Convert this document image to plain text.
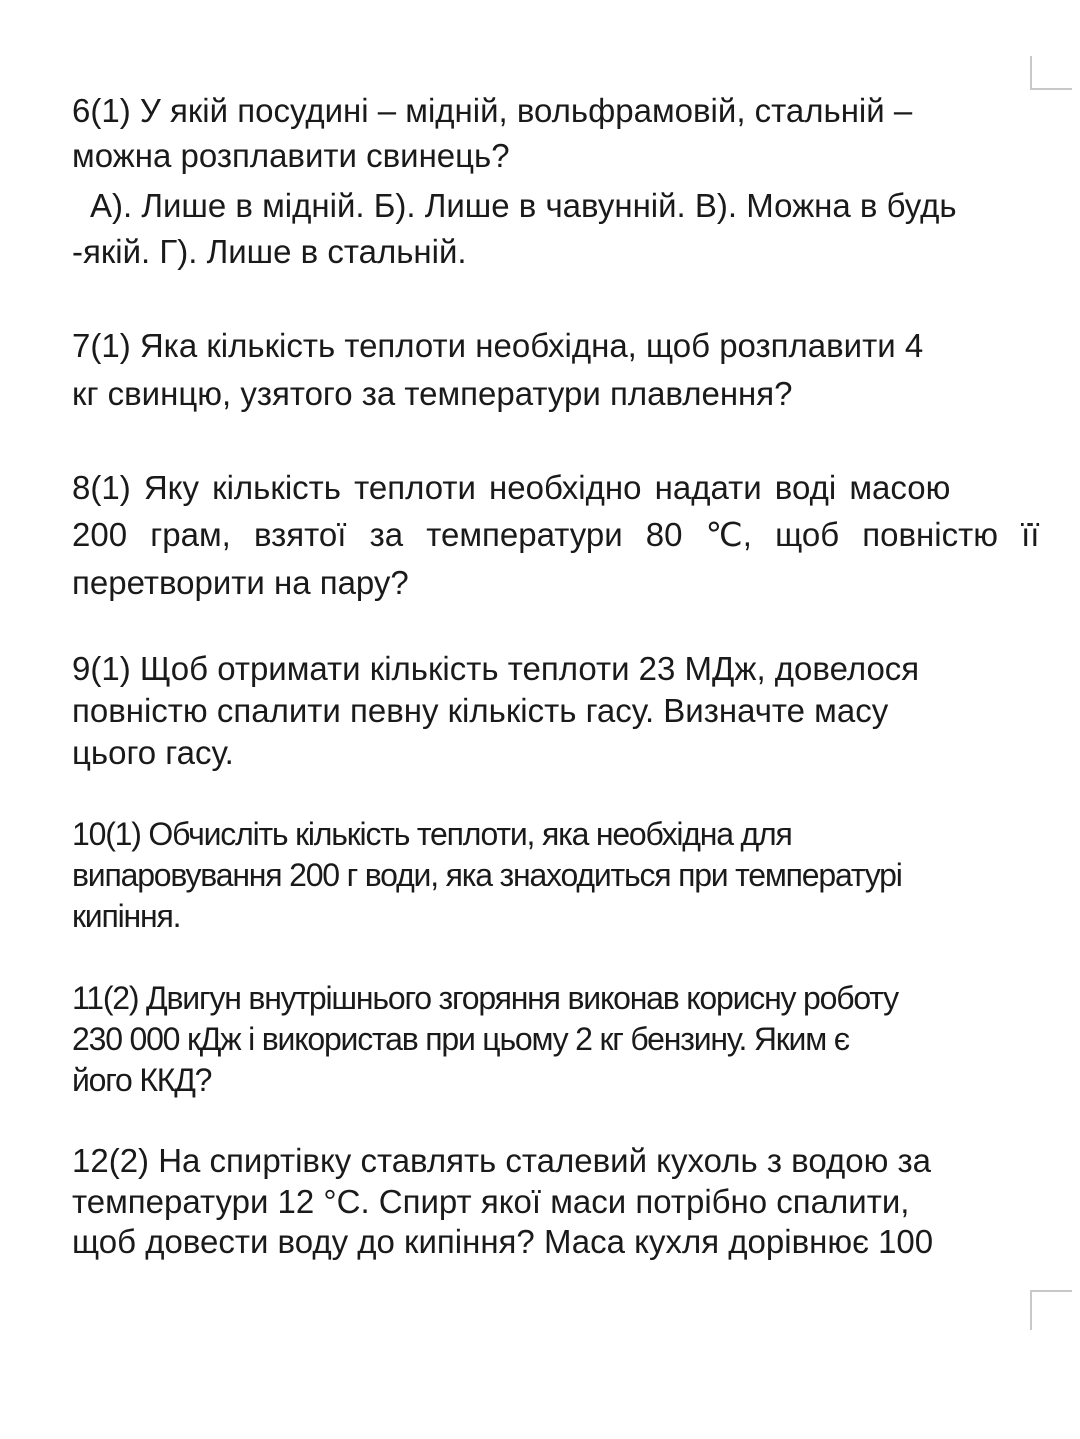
6(1) У якій посудині – мідній, вольфрамовій, стальній –
можна розплавити свинець?
А). Лише в мідній. Б). Лише в чавунній. В). Можна в будь
-якій. Г). Лише в стальній.
7(1) Яка кількість теплоти необхідна, щоб розплавити 4
кг свинцю, узятого за температури плавлення?
8(1) Яку кількість теплоти необхідно надати воді масою
200 грам, взятої за температури 80 ℃, щоб повністю її
перетворити на пару?
9(1) Щоб отримати кількість теплоти 23 МДж, довелося
повністю спалити певну кількість гасу. Визначте масу
цього гасу.
10(1) Обчисліть кількість теплоти, яка необхідна для
випаровування 200 г води, яка знаходиться при температурі
кипіння.
11(2) Двигун внутрішнього згоряння виконав корисну роботу
230 000 кДж і використав при цьому 2 кг бензину. Яким є
його ККД?
12(2) На спиртівку ставлять сталевий кухоль з водою за
температури 12 °С. Спирт якої маси потрібно спалити,
щоб довести воду до кипіння? Маса кухля дорівнює 100
